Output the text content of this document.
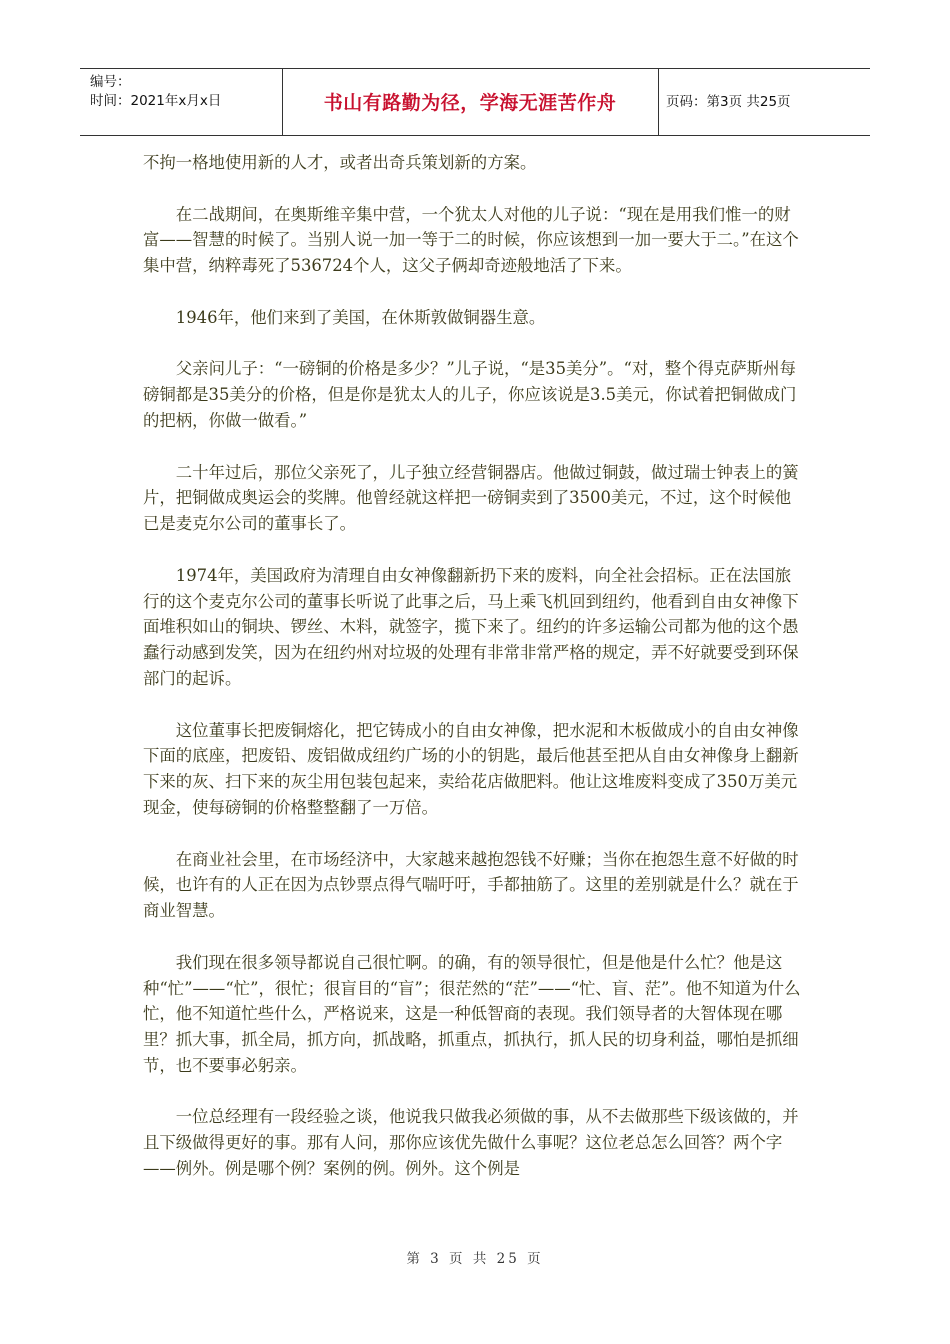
编号：
时间：2021年x月x日	书山有路勤为径，学海无涯苦作舟	页码：第3页 共25页

不拘一格地使用新的人才，或者出奇兵策划新的方案。

在二战期间，在奥斯维辛集中营，一个犹太人对他的儿子说：“现在是用我们惟一的财富——智慧的时候了。当别人说一加一等于二的时候，你应该想到一加一要大于二。”在这个集中营，纳粹毒死了536724个人，这父子俩却奇迹般地活了下来。

1946年，他们来到了美国，在休斯敦做铜器生意。

父亲问儿子：“一磅铜的价格是多少？”儿子说，“是35美分”。“对，整个得克萨斯州每磅铜都是35美分的价格，但是你是犹太人的儿子，你应该说是3.5美元，你试着把铜做成门的把柄，你做一做看。”

二十年过后，那位父亲死了，儿子独立经营铜器店。他做过铜鼓，做过瑞士钟表上的簧片，把铜做成奥运会的奖牌。他曾经就这样把一磅铜卖到了3500美元，不过，这个时候他已是麦克尔公司的董事长了。

1974年，美国政府为清理自由女神像翻新扔下来的废料，向全社会招标。正在法国旅行的这个麦克尔公司的董事长听说了此事之后，马上乘飞机回到纽约，他看到自由女神像下面堆积如山的铜块、锣丝、木料，就签字，揽下来了。纽约的许多运输公司都为他的这个愚蠢行动感到发笑，因为在纽约州对垃圾的处理有非常非常严格的规定，弄不好就要受到环保部门的起诉。

这位董事长把废铜熔化，把它铸成小的自由女神像，把水泥和木板做成小的自由女神像下面的底座，把废铅、废铝做成纽约广场的小的钥匙，最后他甚至把从自由女神像身上翻新下来的灰、扫下来的灰尘用包装包起来，卖给花店做肥料。他让这堆废料变成了350万美元现金，使每磅铜的价格整整翻了一万倍。

在商业社会里，在市场经济中，大家越来越抱怨钱不好赚；当你在抱怨生意不好做的时候，也许有的人正在因为点钞票点得气喘吁吁，手都抽筋了。这里的差别就是什么？就在于商业智慧。

我们现在很多领导都说自己很忙啊。的确，有的领导很忙，但是他是什么忙？他是这种“忙”——“忙”，很忙；很盲目的“盲”；很茫然的“茫”——“忙、盲、茫”。他不知道为什么忙，他不知道忙些什么，严格说来，这是一种低智商的表现。我们领导者的大智体现在哪里？抓大事，抓全局，抓方向，抓战略，抓重点，抓执行，抓人民的切身利益，哪怕是抓细节，也不要事必躬亲。

一位总经理有一段经验之谈，他说我只做我必须做的事，从不去做那些下级该做的，并且下级做得更好的事。那有人问，那你应该优先做什么事呢？这位老总怎么回答？两个字——例外。例是哪个例？案例的例。例外。这个例是

第 3 页 共 25 页
